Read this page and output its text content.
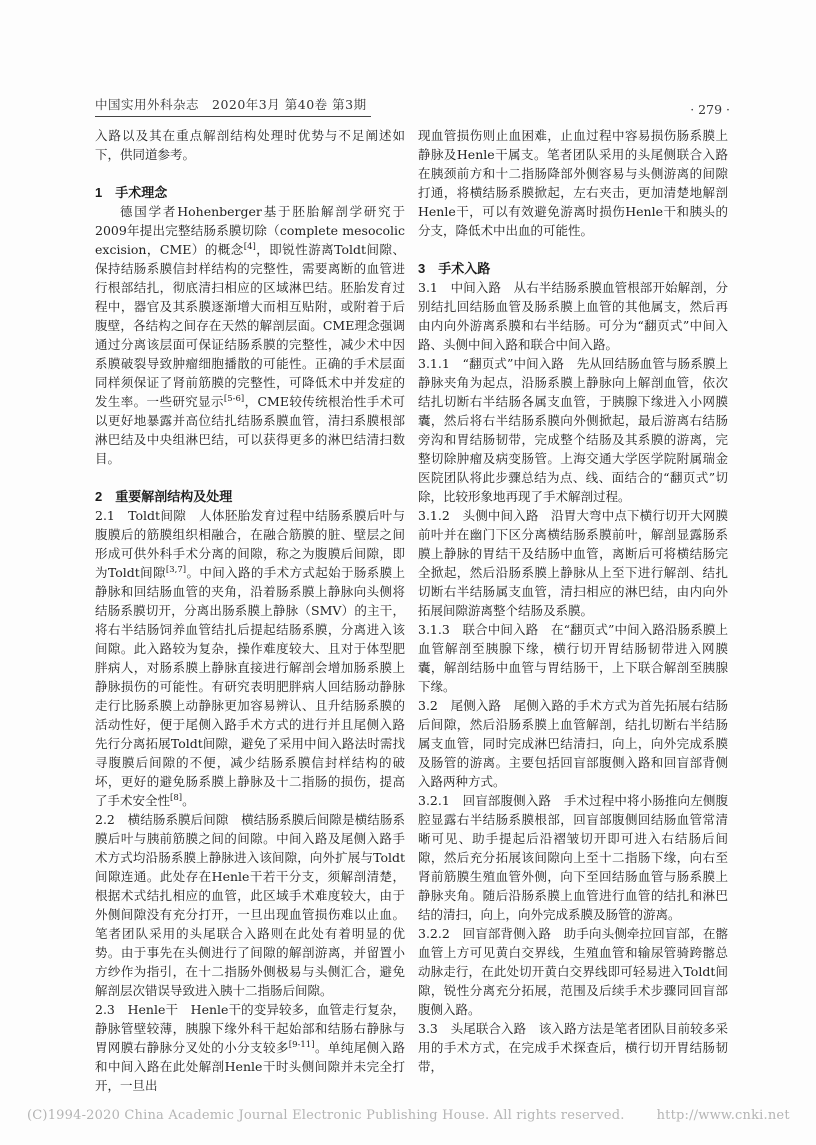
中国实用外科杂志　2020年3月 第40卷 第3期	· 279 ·

入路以及其在重点解剖结构处理时优势与不足阐述如下，供同道参考。

1　手术理念

德国学者Hohenberger基于胚胎解剖学研究于2009年提出完整结肠系膜切除（complete mesocolic excision，CME）的概念[4]，即锐性游离Toldt间隙、保持结肠系膜信封样结构的完整性，需要离断的血管进行根部结扎，彻底清扫相应的区域淋巴结。胚胎发育过程中，器官及其系膜逐渐增大而相互贴附，或附着于后腹壁，各结构之间存在天然的解剖层面。CME理念强调通过分离该层面可保证结肠系膜的完整性，减少术中因系膜破裂导致肿瘤细胞播散的可能性。正确的手术层面同样须保证了肾前筋膜的完整性，可降低术中并发症的发生率。一些研究显示[5-6]，CME较传统根治性手术可以更好地暴露并高位结扎结肠系膜血管，清扫系膜根部淋巴结及中央组淋巴结，可以获得更多的淋巴结清扫数目。

2　重要解剖结构及处理

2.1　Toldt间隙　人体胚胎发育过程中结肠系膜后叶与腹膜后的筋膜组织相融合，在融合筋膜的脏、壁层之间形成可供外科手术分离的间隙，称之为腹膜后间隙，即为Toldt间隙[3,7]。中间入路的手术方式起始于肠系膜上静脉和回结肠血管的夹角，沿着肠系膜上静脉向头侧将结肠系膜切开，分离出肠系膜上静脉（SMV）的主干，将右半结肠饲养血管结扎后提起结肠系膜，分离进入该间隙。此入路较为复杂，操作难度较大、且对于体型肥胖病人，对肠系膜上静脉直接进行解剖会增加肠系膜上静脉损伤的可能性。有研究表明肥胖病人回结肠动静脉走行比肠系膜上动静脉更加容易辨认、且升结肠系膜的活动性好，便于尾侧入路手术方式的进行并且尾侧入路先行分离拓展Toldt间隙，避免了采用中间入路法时需找寻腹膜后间隙的不便，减少结肠系膜信封样结构的破坏，更好的避免肠系膜上静脉及十二指肠的损伤，提高了手术安全性[8]。

2.2　横结肠系膜后间隙　横结肠系膜后间隙是横结肠系膜后叶与胰前筋膜之间的间隙。中间入路及尾侧入路手术方式均沿肠系膜上静脉进入该间隙，向外扩展与Toldt间隙连通。此处存在Henle干若干分支，须解剖清楚，根据术式结扎相应的血管，此区域手术难度较大，由于外侧间隙没有充分打开，一旦出现血管损伤难以止血。笔者团队采用的头尾联合入路则在此处有着明显的优势。由于事先在头侧进行了间隙的解剖游离，并留置小方纱作为指引，在十二指肠外侧极易与头侧汇合，避免解剖层次错误导致进入胰十二指肠后间隙。

2.3　Henle干　Henle干的变异较多，血管走行复杂，静脉管壁较薄，胰腺下缘外科干起始部和结肠右静脉与胃网膜右静脉分叉处的小分支较多[9-11]。单纯尾侧入路和中间入路在此处解剖Henle干时头侧间隙并未完全打开，一旦出

现血管损伤则止血困难，止血过程中容易损伤肠系膜上静脉及Henle干属支。笔者团队采用的头尾侧联合入路在胰颈前方和十二指肠降部外侧容易与头侧游离的间隙打通，将横结肠系膜掀起，左右夹击，更加清楚地解剖Henle干，可以有效避免游离时损伤Henle干和胰头的分支，降低术中出血的可能性。

3　手术入路

3.1　中间入路　从右半结肠系膜血管根部开始解剖，分别结扎回结肠血管及肠系膜上血管的其他属支，然后再由内向外游离系膜和右半结肠。可分为“翻页式”中间入路、头侧中间入路和联合中间入路。

3.1.1　“翻页式”中间入路　先从回结肠血管与肠系膜上静脉夹角为起点，沿肠系膜上静脉向上解剖血管，依次结扎切断右半结肠各属支血管，于胰腺下缘进入小网膜囊，然后将右半结肠系膜向外侧掀起，最后游离右结肠旁沟和胃结肠韧带，完成整个结肠及其系膜的游离，完整切除肿瘤及病变肠管。上海交通大学医学院附属瑞金医院团队将此步骤总结为点、线、面结合的“翻页式”切除，比较形象地再现了手术解剖过程。

3.1.2　头侧中间入路　沿胃大弯中点下横行切开大网膜前叶并在幽门下区分离横结肠系膜前叶，解剖显露肠系膜上静脉的胃结干及结肠中血管，离断后可将横结肠完全掀起，然后沿肠系膜上静脉从上至下进行解剖、结扎切断右半结肠属支血管，清扫相应的淋巴结，由内向外拓展间隙游离整个结肠及系膜。

3.1.3　联合中间入路　在“翻页式”中间入路沿肠系膜上血管解剖至胰腺下缘，横行切开胃结肠韧带进入网膜囊，解剖结肠中血管与胃结肠干，上下联合解剖至胰腺下缘。

3.2　尾侧入路　尾侧入路的手术方式为首先拓展右结肠后间隙，然后沿肠系膜上血管解剖，结扎切断右半结肠属支血管，同时完成淋巴结清扫，向上，向外完成系膜及肠管的游离。主要包括回盲部腹侧入路和回盲部背侧入路两种方式。

3.2.1　回盲部腹侧入路　手术过程中将小肠推向左侧腹腔显露右半结肠系膜根部，回盲部腹侧回结肠血管常清晰可见、助手提起后沿褶皱切开即可进入右结肠后间隙，然后充分拓展该间隙向上至十二指肠下缘，向右至肾前筋膜生殖血管外侧，向下至回结肠血管与肠系膜上静脉夹角。随后沿肠系膜上血管进行血管的结扎和淋巴结的清扫，向上，向外完成系膜及肠管的游离。

3.2.2　回盲部背侧入路　助手向头侧牵拉回盲部，在髂血管上方可见黄白交界线，生殖血管和输尿管骑跨髂总动脉走行，在此处切开黄白交界线即可轻易进入Toldt间隙，锐性分离充分拓展，范围及后续手术步骤同回盲部腹侧入路。

3.3　头尾联合入路　该入路方法是笔者团队目前较多采用的手术方式，在完成手术探查后，横行切开胃结肠韧带，

(C)1994-2020 China Academic Journal Electronic Publishing House. All rights reserved. http://www.cnki.net
